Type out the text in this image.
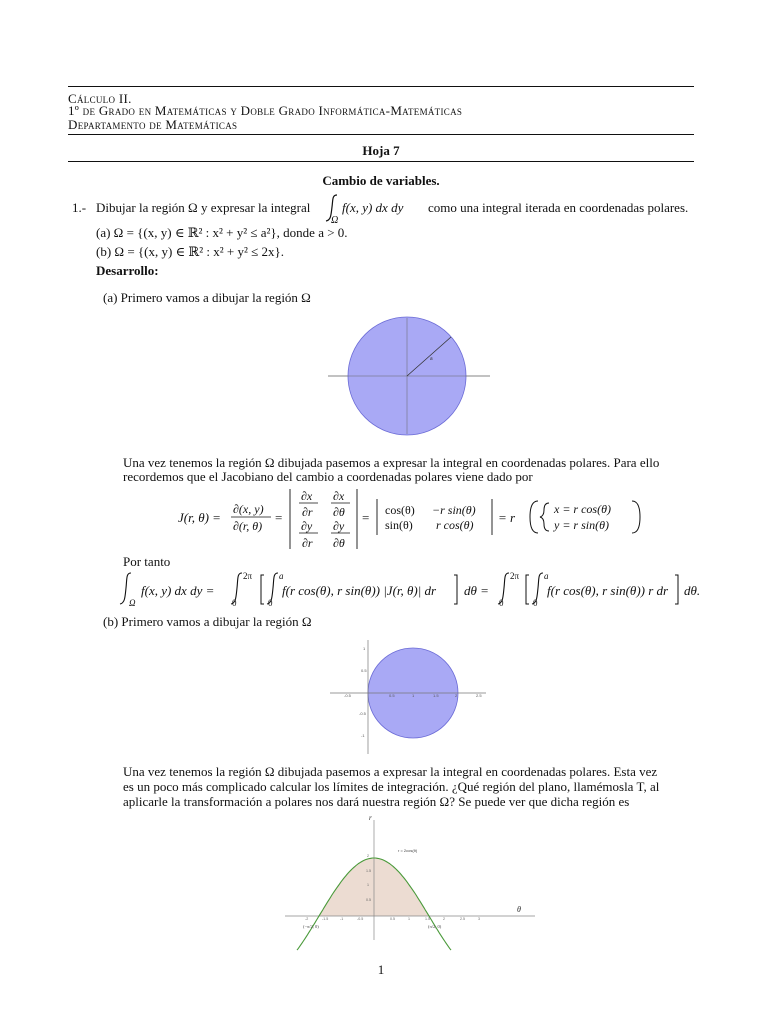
Cálculo II.
1º de Grado en Matemáticas y Doble Grado Informática-Matemáticas
Departamento de Matemáticas
Hoja 7
Cambio de variables.
1.- Dibujar la región Ω y expresar la integral
Ω
f(x, y) dx dy como una integral iterada en coordenadas polares.
(a) Ω = {(x, y) ∈ ℝ² : x² + y² ≤ a²}, donde a > 0.
(b) Ω = {(x, y) ∈ ℝ² : x² + y² ≤ 2x}.
Desarrollo:
(a) Primero vamos a dibujar la región Ω
a
Una vez tenemos la región Ω dibujada pasemos a expresar la integral en coordenadas polares. Para ello
recordemos que el Jacobiano del cambio a coordenadas polares viene dado por
J(r, θ) =
∂(x, y)
∂(r, θ)
=
∂x
∂r
∂x
∂θ
∂y
∂r
∂y
∂θ
= cos(θ) −r sin(θ)
sin(θ) r cos(θ) = r
x = r cos(θ)
y = r sin(θ)
Por tanto
Ω
f(x, y) dx dy =
2π
0
a
0
f(r cos(θ), r sin(θ)) |J(r, θ)| dr dθ =
2π
0
a
0
f(r cos(θ), r sin(θ)) r dr dθ.
(b) Primero vamos a dibujar la región Ω
-0.5	0.5	1	1.5	2	2.5
1
0.5
-0.5
-1
Una vez tenemos la región Ω dibujada pasemos a expresar la integral en coordenadas polares. Esta vez
es un poco más complicado calcular los límites de integración. ¿Qué región del plano, llamémosla T, al
aplicarle la transformación a polares nos dará nuestra región Ω? Se puede ver que dicha región es
r
θ
r = 2cos(θ)
(−π/2, 0)	(π/2, 0)
2
1.5
1
0.5
-2	-1.5	-1	-0.5	0.5	1	1.5	2	2.5	3
1
